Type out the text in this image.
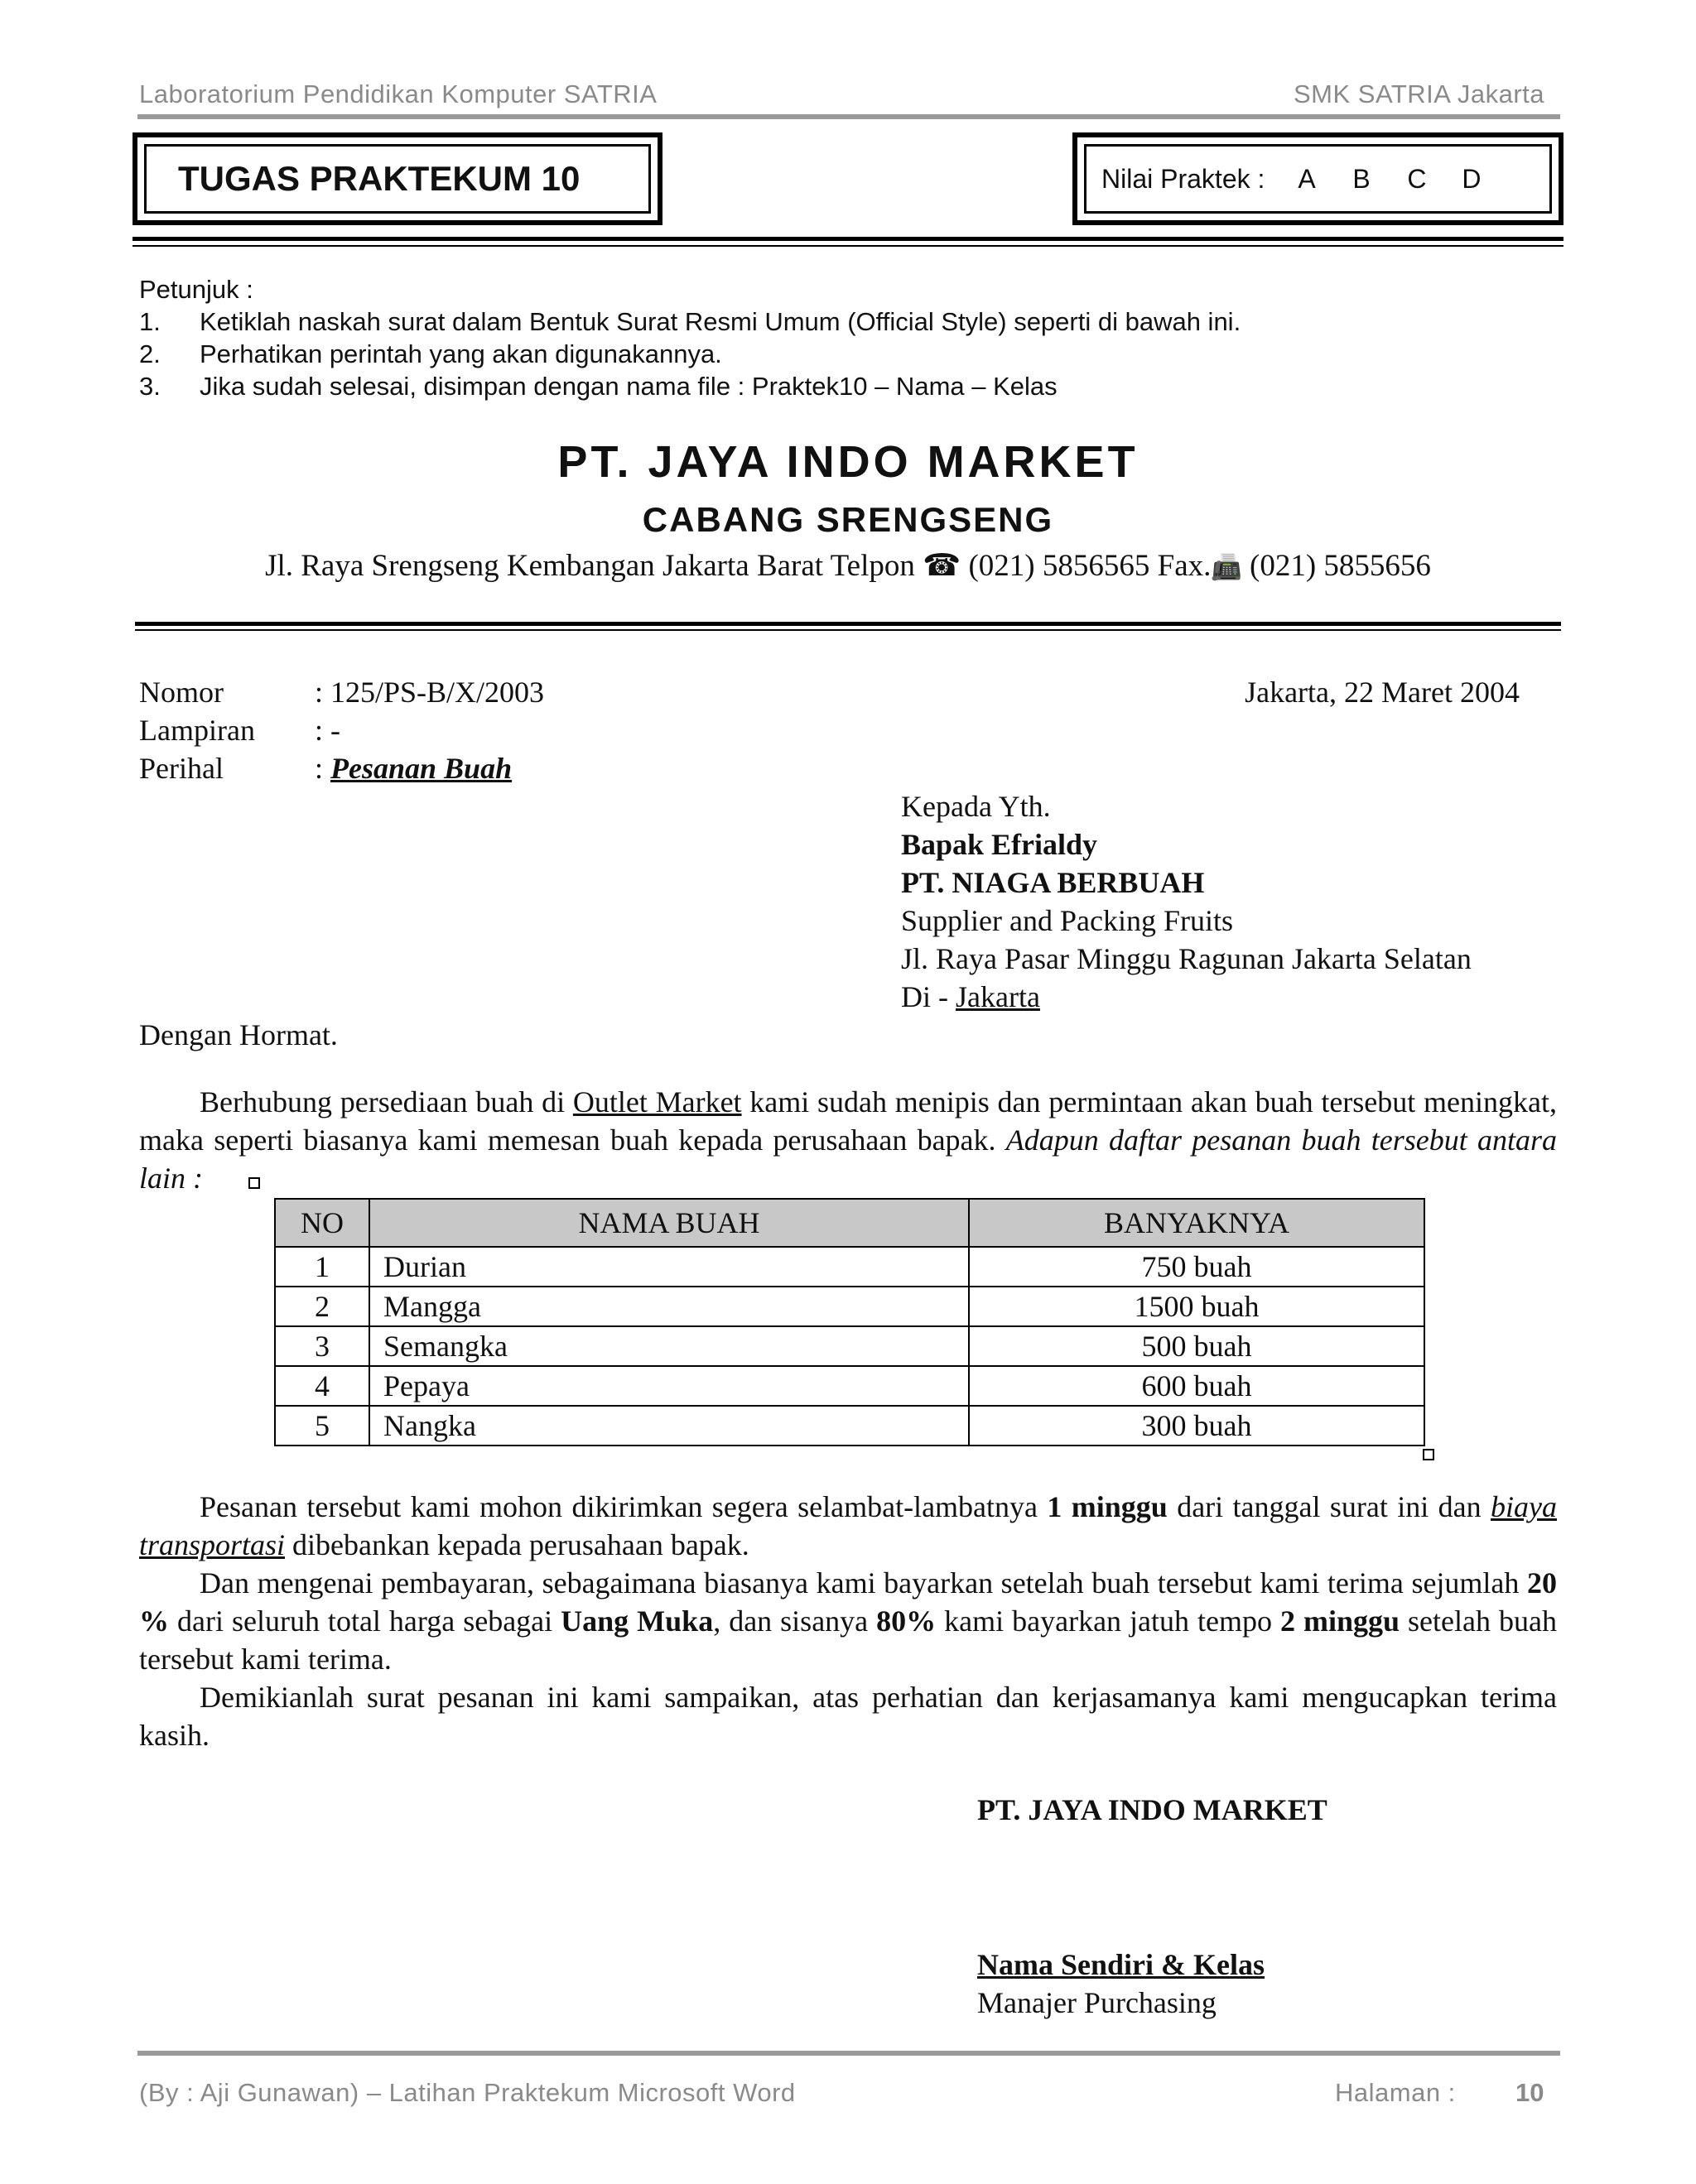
Laboratorium Pendidikan Komputer SATRIA	SMK SATRIA Jakarta
TUGAS PRAKTEKUM 10	Nilai Praktek : A B C D
Petunjuk :
1. Ketiklah naskah surat dalam Bentuk Surat Resmi Umum (Official Style) seperti di bawah ini.
2. Perhatikan perintah yang akan digunakannya.
3. Jika sudah selesai, disimpan dengan nama file : Praktek10 – Nama – Kelas
PT. JAYA INDO MARKET
CABANG SRENGSENG
Jl. Raya Srengseng Kembangan Jakarta Barat Telpon ☎ (021) 5856565 Fax.📠 (021) 5855656
Nomor	: 125/PS-B/X/2003
Lampiran : -
Perihal	: Pesanan Buah
Jakarta, 22 Maret 2004
Kepada Yth.
Bapak Efrialdy
PT. NIAGA BERBUAH
Supplier and Packing Fruits
Jl. Raya Pasar Minggu Ragunan Jakarta Selatan
Di - Jakarta
Dengan Hormat.
Berhubung persediaan buah di Outlet Market kami sudah menipis dan permintaan akan buah tersebut meningkat, maka seperti biasanya kami memesan buah kepada perusahaan bapak. Adapun daftar pesanan buah tersebut antara lain :
NO	NAMA BUAH	BANYAKNYA
1	Durian	750 buah
2	Mangga	1500 buah
3	Semangka	500 buah
4	Pepaya	600 buah
5	Nangka	300 buah
Pesanan tersebut kami mohon dikirimkan segera selambat-lambatnya 1 minggu dari tanggal surat ini dan biaya transportasi dibebankan kepada perusahaan bapak.
Dan mengenai pembayaran, sebagaimana biasanya kami bayarkan setelah buah tersebut kami terima sejumlah 20 % dari seluruh total harga sebagai Uang Muka, dan sisanya 80% kami bayarkan jatuh tempo 2 minggu setelah buah tersebut kami terima.
Demikianlah surat pesanan ini kami sampaikan, atas perhatian dan kerjasamanya kami mengucapkan terima kasih.
PT. JAYA INDO MARKET
Nama Sendiri & Kelas
Manajer Purchasing
(By : Aji Gunawan) – Latihan Praktekum Microsoft Word	Halaman : 10
